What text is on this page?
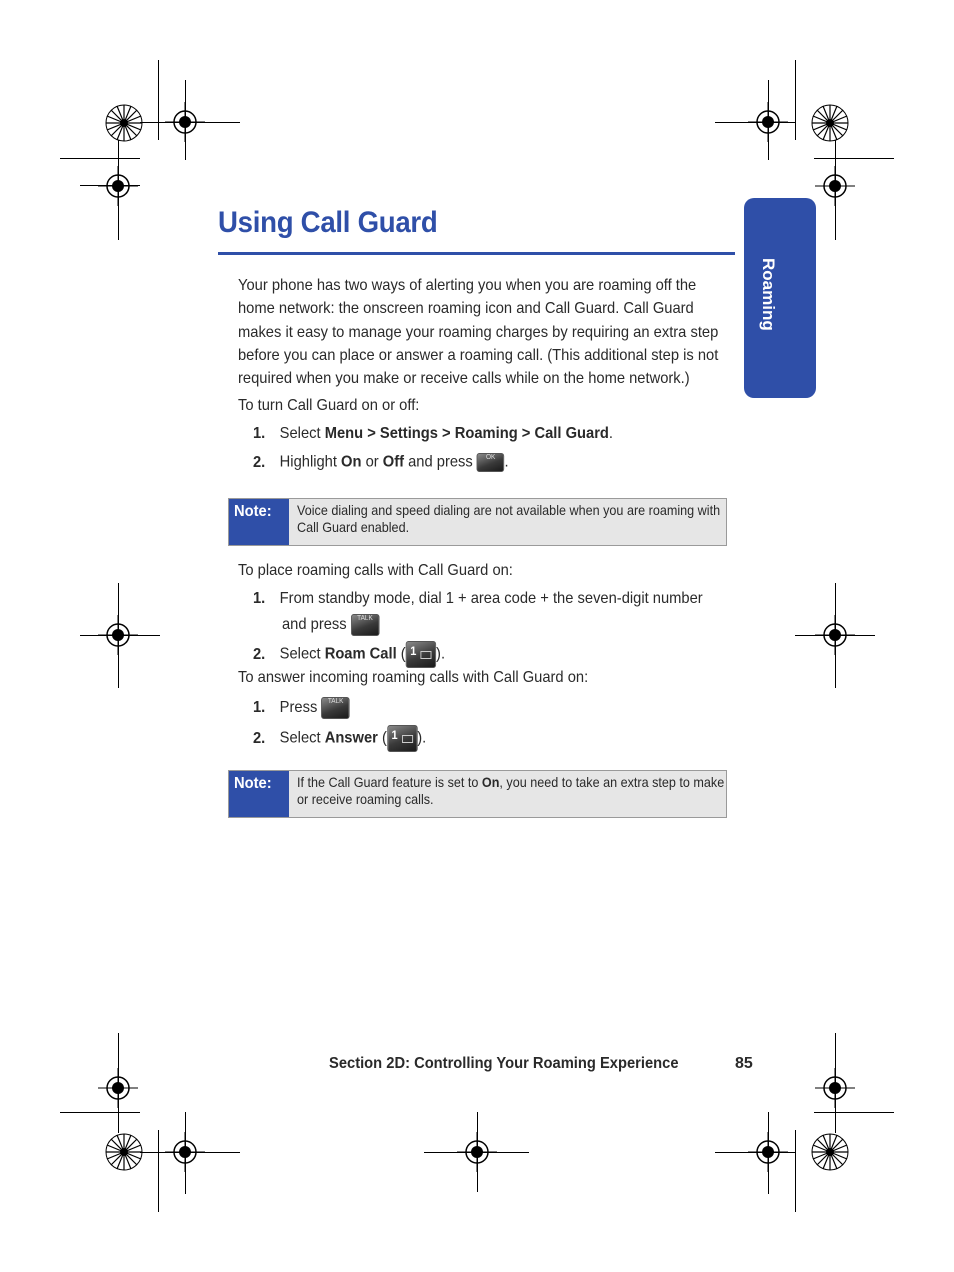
Roaming
Using Call Guard
Your phone has two ways of alerting you when you are roaming off the home network: the onscreen roaming icon and Call Guard. Call Guard makes it easy to manage your roaming charges by requiring an extra step before you can place or answer a roaming call. (This additional step is not required when you make or receive calls while on the home network.)
To turn Call Guard on or off:
1. Select Menu > Settings > Roaming > Call Guard.
2. Highlight On or Off and press OK .
Note: Voice dialing and speed dialing are not available when you are roaming with Call Guard enabled.
To place roaming calls with Call Guard on:
1. From standby mode, dial 1 + area code + the seven-digit number
and press TALK
2. Select Roam Call ( 1 ).
To answer incoming roaming calls with Call Guard on:
1. Press TALK
2. Select Answer ( 1 ).
Note: If the Call Guard feature is set to On, you need to take an extra step to make or receive roaming calls.
Section 2D: Controlling Your Roaming Experience	85
